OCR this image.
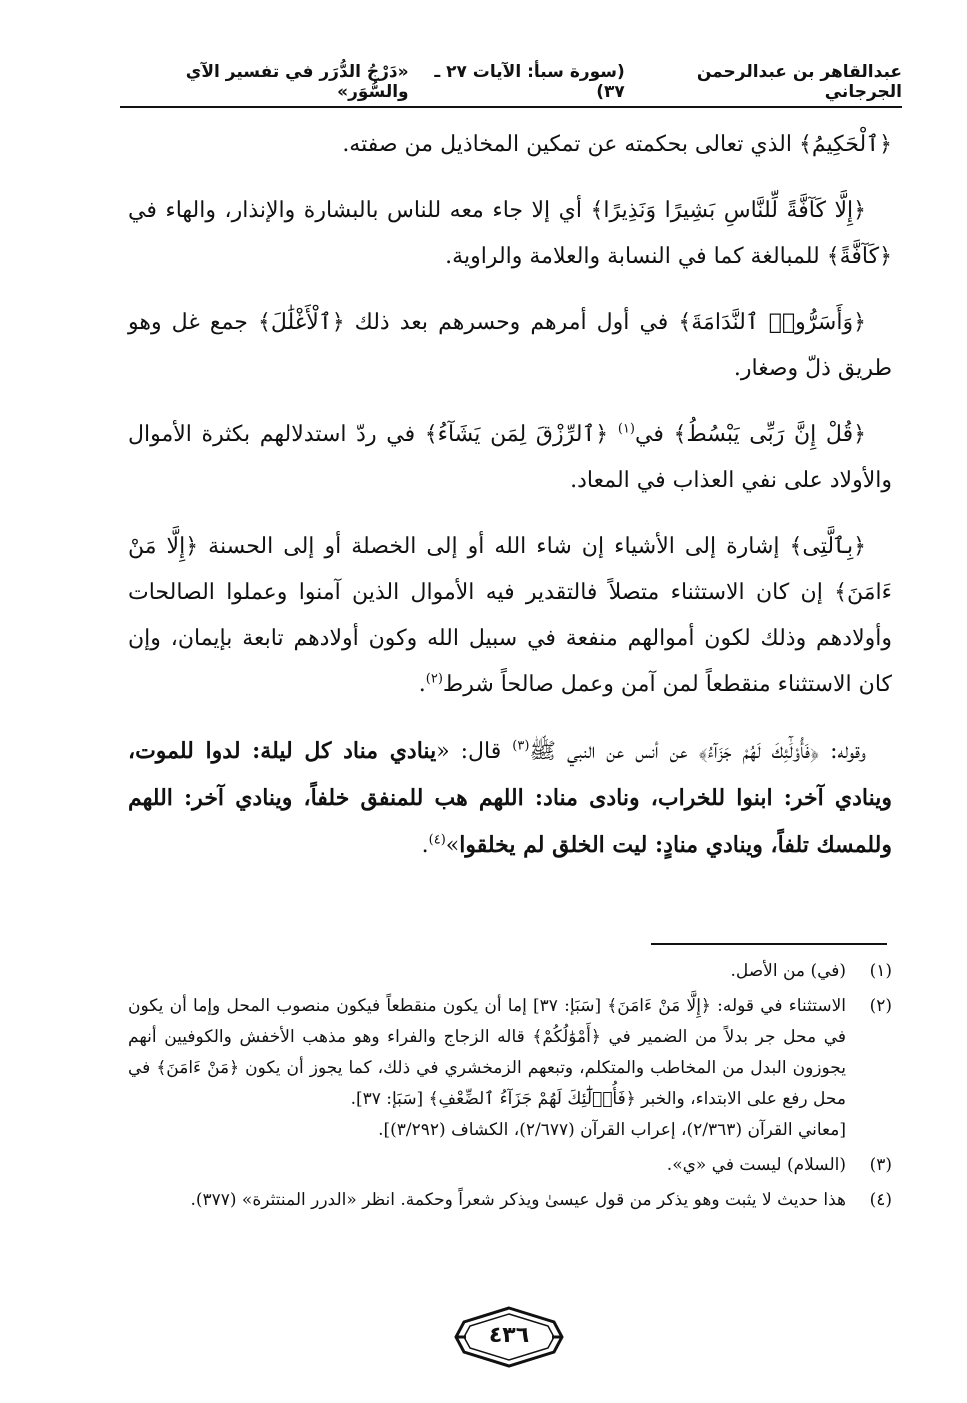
عبدالقاهر بن عبدالرحمن الجرجاني
(سورة سبأ: الآيات ٢٧ ـ ٣٧)
«دَرْجُ الدُّرَر في تفسير الآي والسُّوَر»

﴿ٱلْحَكِيمُ﴾ الذي تعالى بحكمته عن تمكين المخاذيل من صفته.

﴿إِلَّا كَآفَّةً لِّلنَّاسِ بَشِيرًا وَنَذِيرًا﴾ أي إلا جاء معه للناس بالبشارة والإنذار، والهاء في ﴿كَآفَّةً﴾ للمبالغة كما في النسابة والعلامة والراوية.

﴿وَأَسَرُّوا۟ ٱلنَّدَامَةَ﴾ في أول أمرهم وحسرهم بعد ذلك ﴿ٱلْأَغْلَٰلَ﴾ جمع غل وهو طريق ذلّ وصغار.

﴿قُلْ إِنَّ رَبِّى يَبْسُطُ﴾ في$^{(١)}$ ﴿ٱلرِّزْقَ لِمَن يَشَآءُ﴾ في ردّ استدلالهم بكثرة الأموال والأولاد على نفي العذاب في المعاد.

﴿بِٱلَّتِى﴾ إشارة إلى الأشياء إن شاء الله أو إلى الخصلة أو إلى الحسنة ﴿إِلَّا مَنْ ءَامَنَ﴾ إن كان الاستثناء متصلاً فالتقدير فيه الأموال الذين آمنوا وعملوا الصالحات وأولادهم وذلك لكون أموالهم منفعة في سبيل الله وكون أولادهم تابعة بإيمان، وإن كان الاستثناء منقطعاً لمن آمن وعمل صالحاً شرط$^{(٢)}$.

وقوله: ﴿فَأُو۟لَٰٓئِكَ لَهُمْ جَزَآءُ﴾ عن أنس عن النبي ﷺ$^{(٣)}$ قال: «ينادي مناد كل ليلة: لدوا للموت، وينادي آخر: ابنوا للخراب، ونادى مناد: اللهم هب للمنفق خلفاً، وينادي آخر: اللهم وللمسك تلفاً، وينادي منادٍ: ليت الخلق لم يخلقوا»$^{(٤)}$.

(١)
(في) من الأصل.
(٢)
الاستثناء في قوله: ﴿إِلَّا مَنْ ءَامَنَ﴾ [سَبَإ: ٣٧] إما أن يكون منقطعاً فيكون منصوب المحل وإما أن يكون في محل جر بدلاً من الضمير في ﴿أَمْوَٰلُكُمْ﴾ قاله الزجاج والفراء وهو مذهب الأخفش والكوفيين أنهم يجوزون البدل من المخاطب والمتكلم، وتبعهم الزمخشري في ذلك، كما يجوز أن يكون ﴿مَنْ ءَامَنَ﴾ في محل رفع على الابتداء، والخبر ﴿فَأُو۟لَٰٓئِكَ لَهُمْ جَزَآءُ ٱلضِّعْفِ﴾ [سَبَإ: ٣٧].
[معاني القرآن (٢/٣٦٣)، إعراب القرآن (٢/٦٧٧)، الكشاف (٣/٢٩٢)].
(٣)
(السلام) ليست في «ي».
(٤)
هذا حديث لا يثبت وهو يذكر من قول عيسىٰ ويذكر شعراً وحكمة. انظر «الدرر المنتثرة» (٣٧٧).
٤٣٦
